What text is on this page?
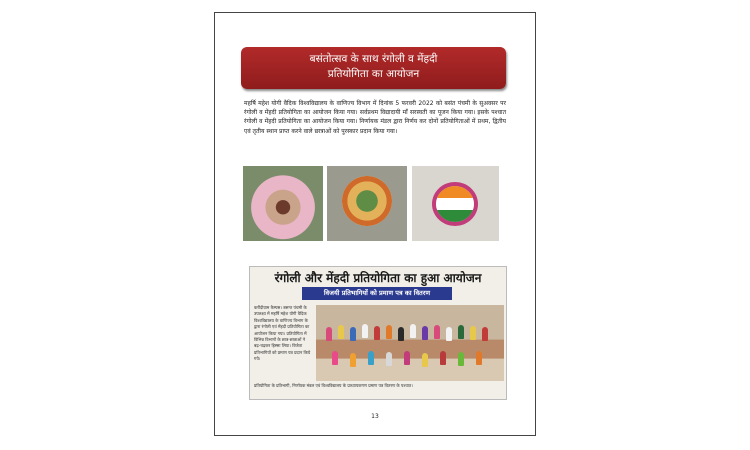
बसंतोत्सव के साथ रंगोली व मेंहदी
प्रतियोगिता का आयोजन
महर्षि महेश योगी वैदिक विश्वविद्यालय के वाणिज्य विभाग में दिनांक 5 फरवरी 2022 को बसंत पंचमी के सुअवसर पर रंगोली व मेंहदी प्रतियोगिता का आयोजन किया गया। सर्वप्रथम विद्यादायी माँ सरस्वती का पूजन किया गया। इसके पश्चात रंगोली व मेंहदी प्रतियोगिता का आयोजन किया गया। निर्णायक मंडल द्वारा निर्णय कर दोनों प्रतियोगिताओं में प्रथम, द्वितीय एवं तृतीय स्थान प्राप्त करने वाले छात्राओं को पुरस्कार प्रदान किया गया।
रंगोली और मेंहदी प्रतियोगिता का हुआ आयोजन
विजयी प्रतिभागियों को प्रमाण पत्र का वितरण
करौंदीग्राम कैम्पस। बसन्त पंचमी के उपलक्ष्य में महर्षि महेश योगी वैदिक विश्वविद्यालय के वाणिज्य विभाग के द्वारा रंगोली एवं मेंहदी प्रतियोगिता का आयोजन किया गया। प्रतियोगिता में विभिन्न विभागों के छात्र-छात्राओं ने बढ़-चढ़कर हिस्सा लिया। विजेता प्रतिभागियों को प्रमाण पत्र प्रदान किये गये।
प्रतियोगिता के प्रतिभागी, निर्णायक मंडल एवं विश्वविद्यालय के प्राध्यापकगण प्रमाण पत्र वितरण के पश्चात।
13
